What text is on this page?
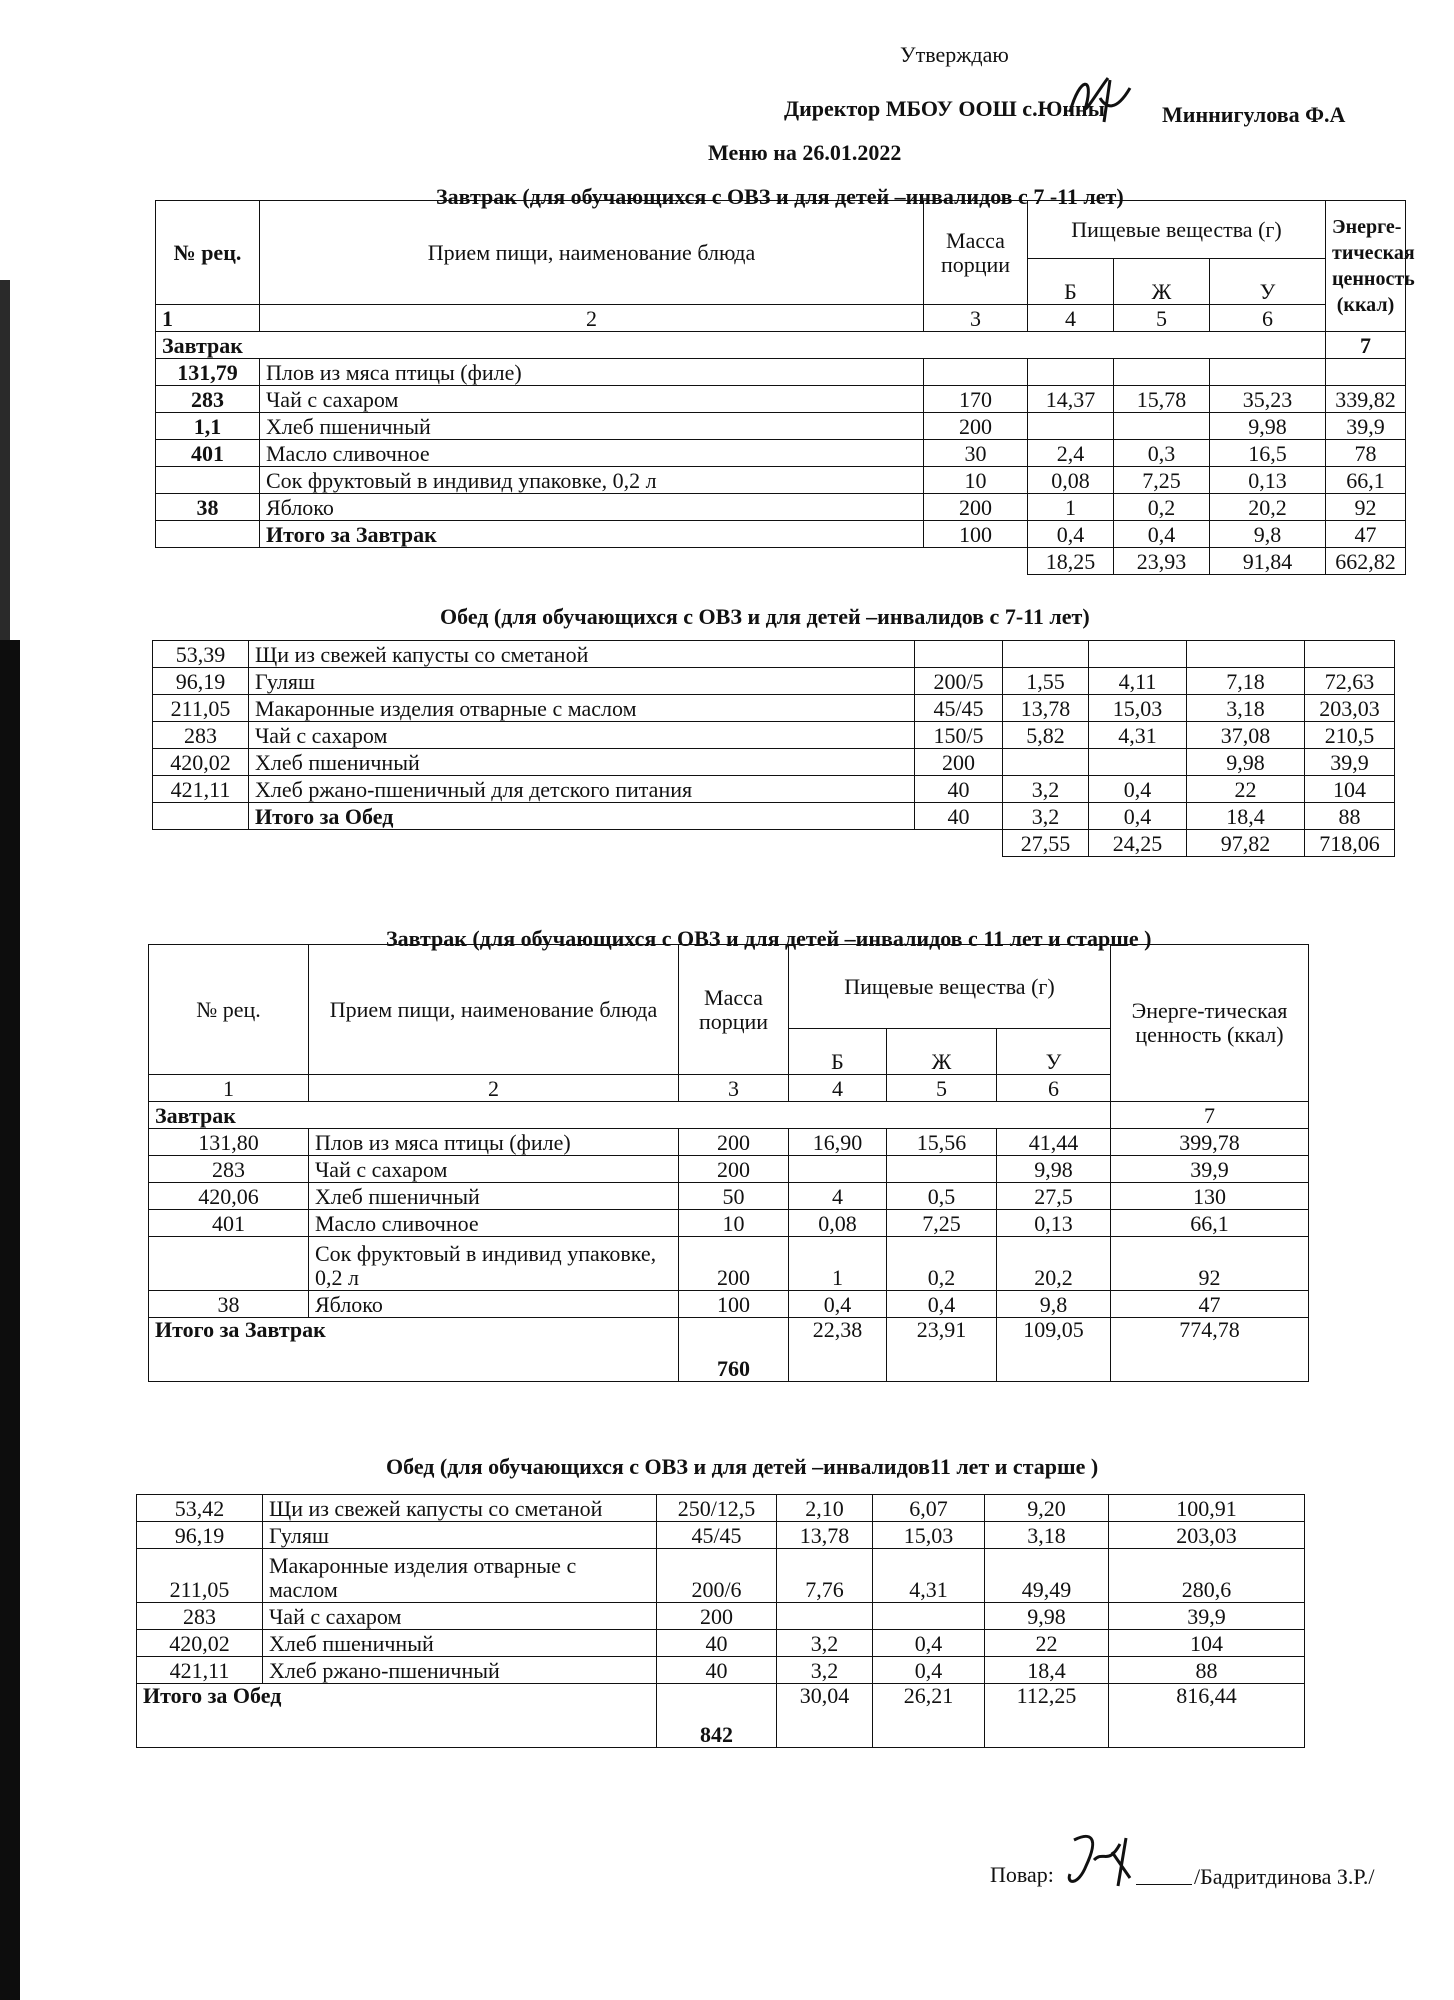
Утверждаю
Директор МБОУ ООШ с.Юнны	Миннигулова Ф.А
Меню на 26.01.2022
Завтрак (для обучающихся с ОВЗ и для детей –инвалидов с 7 -11 лет)
№ рец.	Прием пищи, наименование блюда	Масса порции	Пищевые вещества (г)			Энерге-тическая ценность (ккал)
			Б	Ж	У	
1	2	3	4	5	6	
Завтрак						7
131,79	Плов из мяса птицы (филе)					
283	Чай с сахаром	170	14,37	15,78	35,23	339,82
1,1	Хлеб пшеничный	200			9,98	39,9
401	Масло сливочное	30	2,4	0,3	16,5	78
	Сок фруктовый в индивид упаковке, 0,2 л	10	0,08	7,25	0,13	66,1
38	Яблоко	200	1	0,2	20,2	92
	Итого за Завтрак	100	0,4	0,4	9,8	47
			18,25	23,93	91,84	662,82
Обед (для обучающихся с ОВЗ и для детей –инвалидов с 7-11 лет)
53,39	Щи из свежей капусты со сметаной					
96,19	Гуляш	200/5	1,55	4,11	7,18	72,63
211,05	Макаронные изделия отварные с маслом	45/45	13,78	15,03	3,18	203,03
283	Чай с сахаром	150/5	5,82	4,31	37,08	210,5
420,02	Хлеб пшеничный	200			9,98	39,9
421,11	Хлеб ржано-пшеничный для детского питания	40	3,2	0,4	22	104
	Итого за Обед	40	3,2	0,4	18,4	88
			27,55	24,25	97,82	718,06
Завтрак (для обучающихся с ОВЗ и для детей –инвалидов с 11 лет и старше )
№ рец.	Прием пищи, наименование блюда	Масса порции	Пищевые вещества (г)			Энерге-тическая ценность (ккал)
			Б	Ж	У	
1	2	3	4	5	6	
Завтрак						7
131,80	Плов из мяса птицы (филе)	200	16,90	15,56	41,44	399,78
283	Чай с сахаром	200			9,98	39,9
420,06	Хлеб пшеничный	50	4	0,5	27,5	130
401	Масло сливочное	10	0,08	7,25	0,13	66,1
	Сок фруктовый в индивид упаковке, 0,2 л	200	1	0,2	20,2	92
38	Яблоко	100	0,4	0,4	9,8	47
Итого за Завтрак		760	22,38	23,91	109,05	774,78
Обед (для обучающихся с ОВЗ и для детей –инвалидов11 лет и старше )
53,42	Щи из свежей капусты со сметаной	250/12,5	2,10	6,07	9,20	100,91
96,19	Гуляш	45/45	13,78	15,03	3,18	203,03
211,05	Макаронные изделия отварные с маслом	200/6	7,76	4,31	49,49	280,6
283	Чай с сахаром	200			9,98	39,9
420,02	Хлеб пшеничный	40	3,2	0,4	22	104
421,11	Хлеб ржано-пшеничный	40	3,2	0,4	18,4	88
Итого за Обед		842	30,04	26,21	112,25	816,44
Повар:	/Бадритдинова З.Р./
